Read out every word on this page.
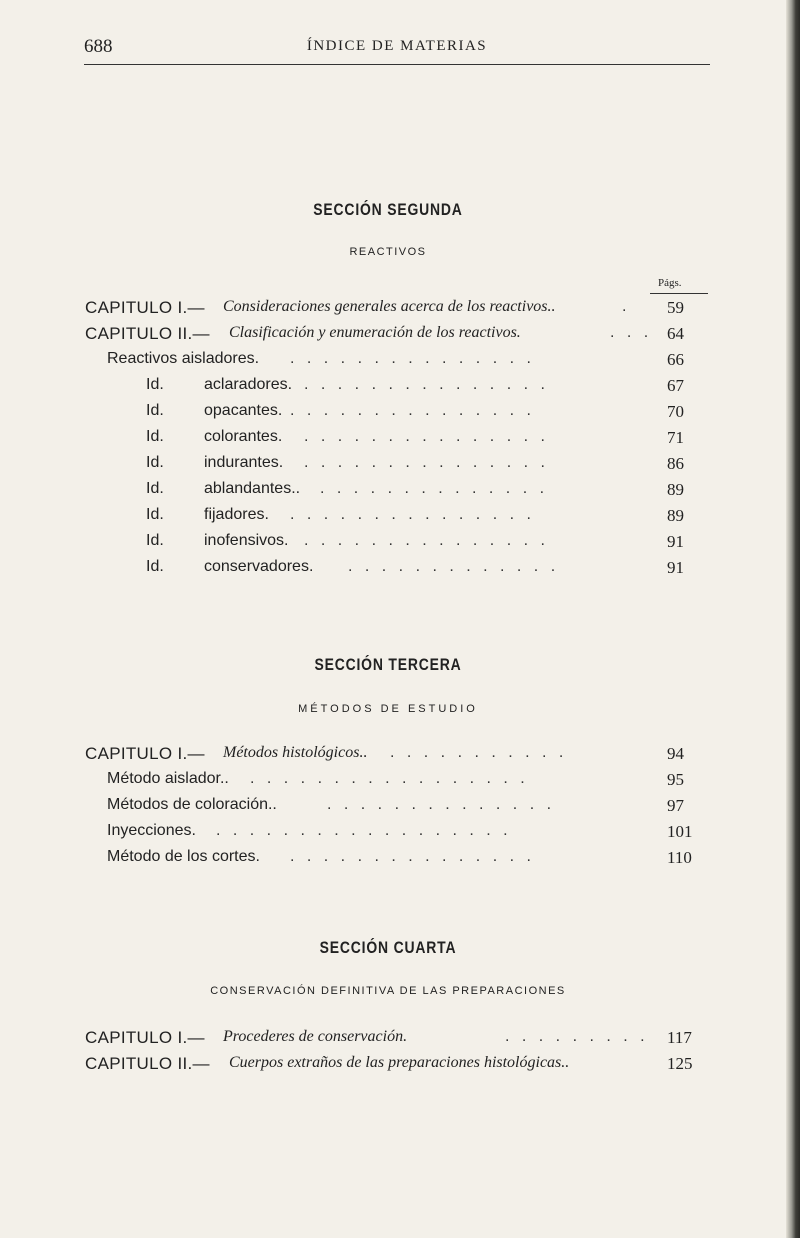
688	ÍNDICE DE MATERIAS
SECCIÓN SEGUNDA
REACTIVOS
Págs.
CAPITULO I.— Consideraciones generales acerca de los reactivos..	. 59
CAPITULO II.— Clasificación y enumeración de los reactivos.	. . . 64
Reactivos aisladores. . . . . . . . . . . . . . . .	66
Id.	aclaradores. . . . . . . . . . . . . . . .	67
Id.	opacantes. . . . . . . . . . . . . . . .	70
Id.	colorantes. . . . . . . . . . . . . . . .	71
Id.	indurantes. . . . . . . . . . . . . . . .	86
Id.	ablandantes.. . . . . . . . . . . . . . .	89
Id.	fijadores. . . . . . . . . . . . . . . .	89
Id.	inofensivos. . . . . . . . . . . . . . . .	91
Id.	conservadores. . . . . . . . . . . . . .	91
SECCIÓN TERCERA
MÉTODOS DE ESTUDIO
CAPITULO I.— Métodos histológicos.. . . . . . . . . . . .	94
Método aislador.. . . . . . . . . . . . . . . . . .	95
Métodos de coloración..	. . . . . . . . . . . . . .	97
Inyecciones. . . . . . . . . . . . . . . . . . .	101
Método de los cortes. . . . . . . . . . . . . . . .	110
SECCIÓN CUARTA
CONSERVACIÓN DEFINITIVA DE LAS PREPARACIONES
CAPITULO I.— Procederes de conservación.	. . . . . . . . . 117
CAPITULO II.— Cuerpos extraños de las preparaciones histológicas..	125
